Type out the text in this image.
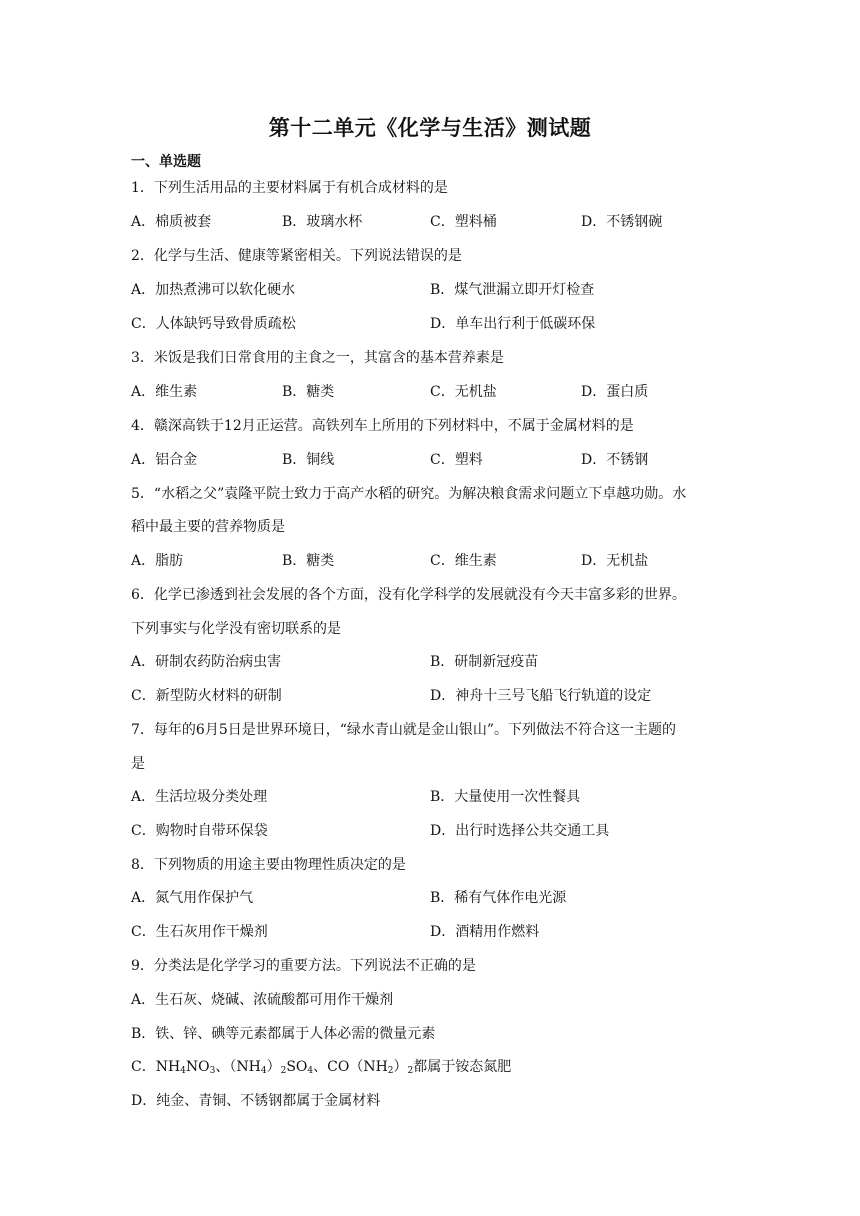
第十二单元《化学与生活》测试题
一、单选题
1．下列生活用品的主要材料属于有机合成材料的是
A．棉质被套	B．玻璃水杯	C．塑料桶	D．不锈钢碗
2．化学与生活、健康等紧密相关。下列说法错误的是
A．加热煮沸可以软化硬水	B．煤气泄漏立即开灯检查
C．人体缺钙导致骨质疏松	D．单车出行利于低碳环保
3．米饭是我们日常食用的主食之一，其富含的基本营养素是
A．维生素	B．糖类	C．无机盐	D．蛋白质
4．赣深高铁于12月正运营。高铁列车上所用的下列材料中，不属于金属材料的是
A．铝合金	B．铜线	C．塑料	D．不锈钢
5．“水稻之父”袁隆平院士致力于高产水稻的研究。为解决粮食需求问题立下卓越功勋。水
稻中最主要的营养物质是
A．脂肪	B．糖类	C．维生素	D．无机盐
6．化学已渗透到社会发展的各个方面，没有化学科学的发展就没有今天丰富多彩的世界。
下列事实与化学没有密切联系的是
A．研制农药防治病虫害	B．研制新冠疫苗
C．新型防火材料的研制	D．神舟十三号飞船飞行轨道的设定
7．每年的6月5日是世界环境日，“绿水青山就是金山银山”。下列做法不符合这一主题的
是
A．生活垃圾分类处理	B．大量使用一次性餐具
C．购物时自带环保袋	D．出行时选择公共交通工具
8．下列物质的用途主要由物理性质决定的是
A．氮气用作保护气	B．稀有气体作电光源
C．生石灰用作干燥剂	D．酒精用作燃料
9．分类法是化学学习的重要方法。下列说法不正确的是
A．生石灰、烧碱、浓硫酸都可用作干燥剂
B．铁、锌、碘等元素都属于人体必需的微量元素
C．$NH_4NO_3$、$(NH_4)_2SO_4$、$CO(NH_2)_2$都属于铵态氮肥
D．纯金、青铜、不锈钢都属于金属材料
